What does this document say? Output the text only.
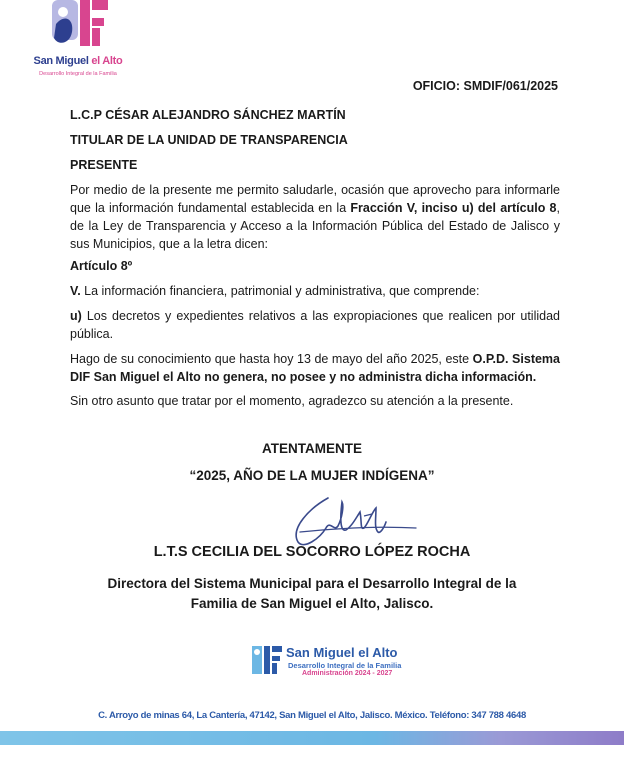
San Miguel el Alto
Desarrollo Integral de la Familia
OFICIO: SMDIF/061/2025
L.C.P CÉSAR ALEJANDRO SÁNCHEZ MARTÍN
TITULAR DE LA UNIDAD DE TRANSPARENCIA
PRESENTE

Por medio de la presente me permito saludarle, ocasión que aprovecho para informarle que la información fundamental establecida en la Fracción V, inciso u) del artículo 8, de la Ley de Transparencia y Acceso a la Información Pública del Estado de Jalisco y sus Municipios, que a la letra dicen:

Artículo 8º

V. La información financiera, patrimonial y administrativa, que comprende:

u) Los decretos y expedientes relativos a las expropiaciones que realicen por utilidad pública.

Hago de su conocimiento que hasta hoy 13 de mayo del año 2025, este O.P.D. Sistema DIF San Miguel el Alto no genera, no posee y no administra dicha información.

Sin otro asunto que tratar por el momento, agradezco su atención a la presente.

ATENTAMENTE
“2025, AÑO DE LA MUJER INDÍGENA”
L.T.S CECILIA DEL SOCORRO LÓPEZ ROCHA
Directora del Sistema Municipal para el Desarrollo Integral de la
Familia de San Miguel el Alto, Jalisco.
San Miguel el Alto
Desarrollo Integral de la Familia
Administración 2024 - 2027
C. Arroyo de minas 64, La Cantería, 47142, San Miguel el Alto, Jalisco. México. Teléfono: 347 788 4648
